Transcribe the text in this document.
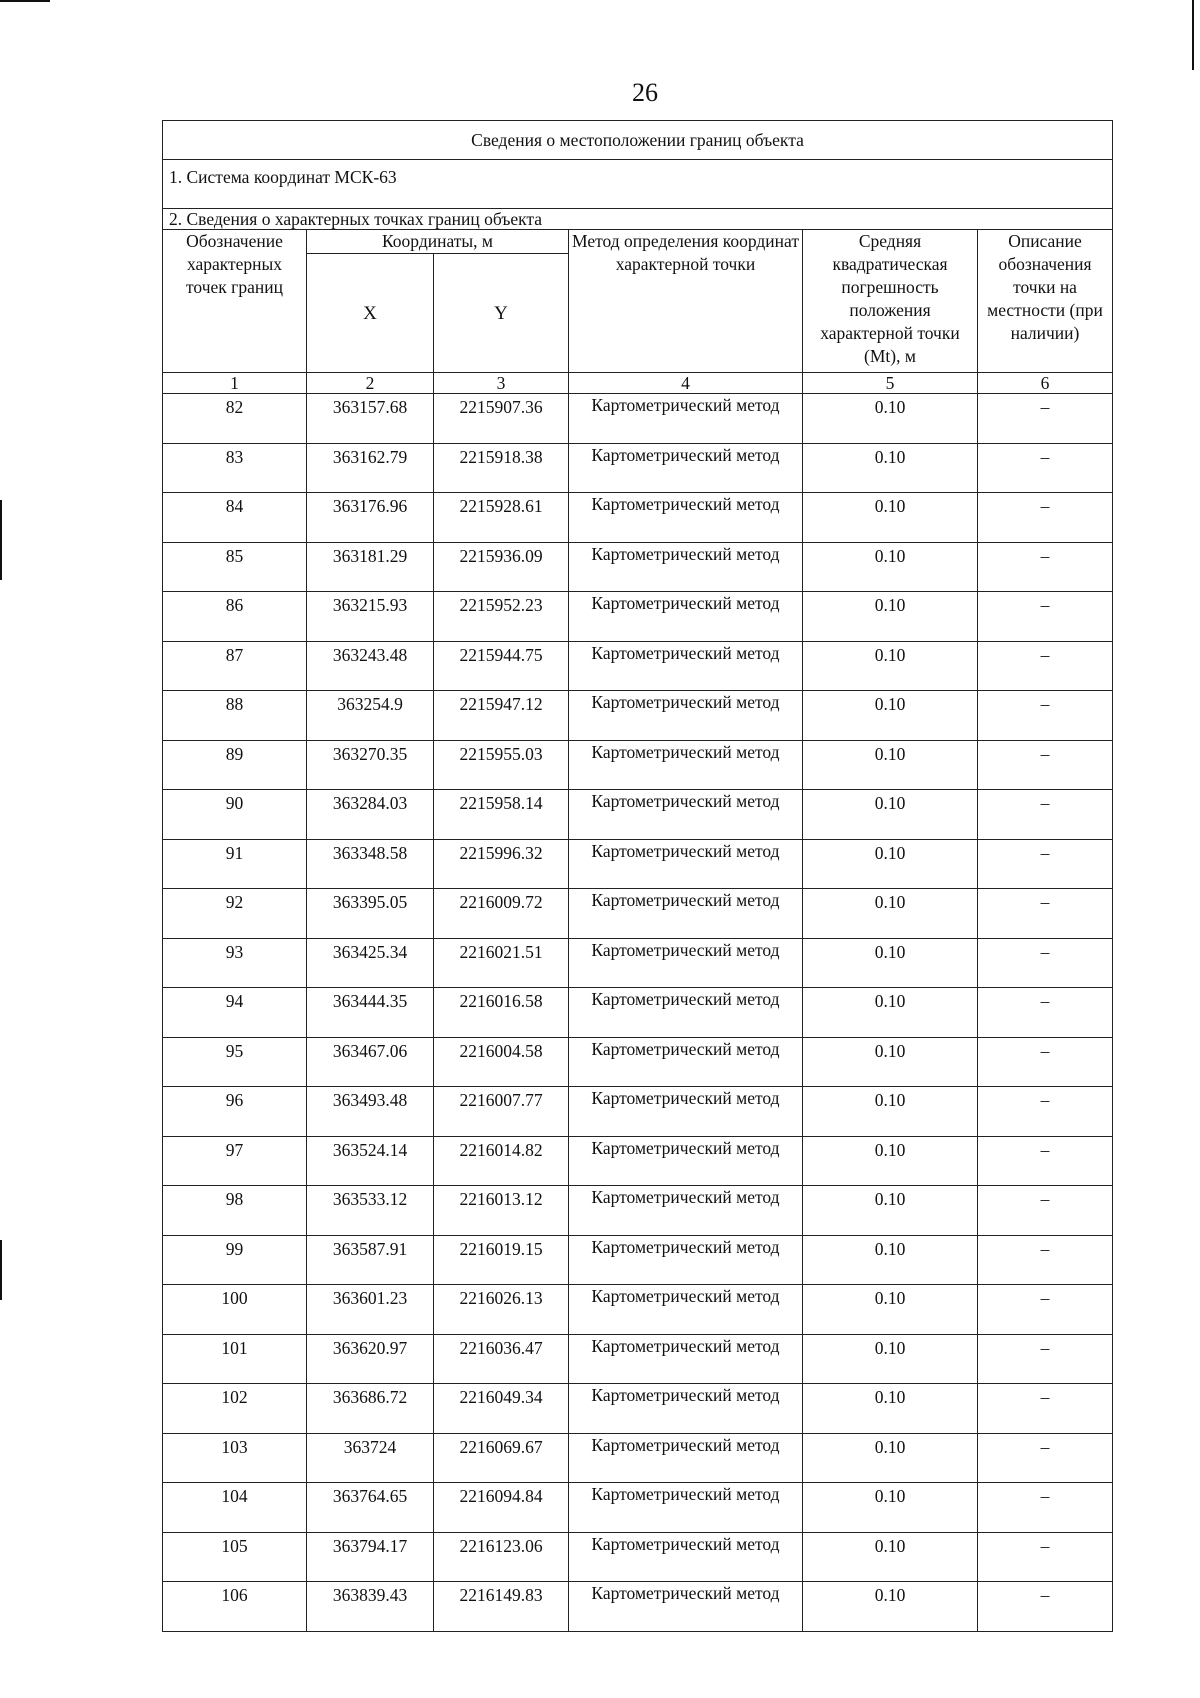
26
Сведения о местоположении границ объекта					
1. Система координат МСК-63					
2. Сведения о характерных точках границ объекта					
Обозначение характерных точек границ	Координаты, м		Метод определения координат характерной точки	Средняя квадратическая погрешность положения характерной точки (Mt), м	Описание обозначения точки на местности (при наличии)
	X	Y			
1	2	3	4	5	6
82	363157.68	2215907.36	Картометрический метод	0.10	–
83	363162.79	2215918.38	Картометрический метод	0.10	–
84	363176.96	2215928.61	Картометрический метод	0.10	–
85	363181.29	2215936.09	Картометрический метод	0.10	–
86	363215.93	2215952.23	Картометрический метод	0.10	–
87	363243.48	2215944.75	Картометрический метод	0.10	–
88	363254.9	2215947.12	Картометрический метод	0.10	–
89	363270.35	2215955.03	Картометрический метод	0.10	–
90	363284.03	2215958.14	Картометрический метод	0.10	–
91	363348.58	2215996.32	Картометрический метод	0.10	–
92	363395.05	2216009.72	Картометрический метод	0.10	–
93	363425.34	2216021.51	Картометрический метод	0.10	–
94	363444.35	2216016.58	Картометрический метод	0.10	–
95	363467.06	2216004.58	Картометрический метод	0.10	–
96	363493.48	2216007.77	Картометрический метод	0.10	–
97	363524.14	2216014.82	Картометрический метод	0.10	–
98	363533.12	2216013.12	Картометрический метод	0.10	–
99	363587.91	2216019.15	Картометрический метод	0.10	–
100	363601.23	2216026.13	Картометрический метод	0.10	–
101	363620.97	2216036.47	Картометрический метод	0.10	–
102	363686.72	2216049.34	Картометрический метод	0.10	–
103	363724	2216069.67	Картометрический метод	0.10	–
104	363764.65	2216094.84	Картометрический метод	0.10	–
105	363794.17	2216123.06	Картометрический метод	0.10	–
106	363839.43	2216149.83	Картометрический метод	0.10	–
